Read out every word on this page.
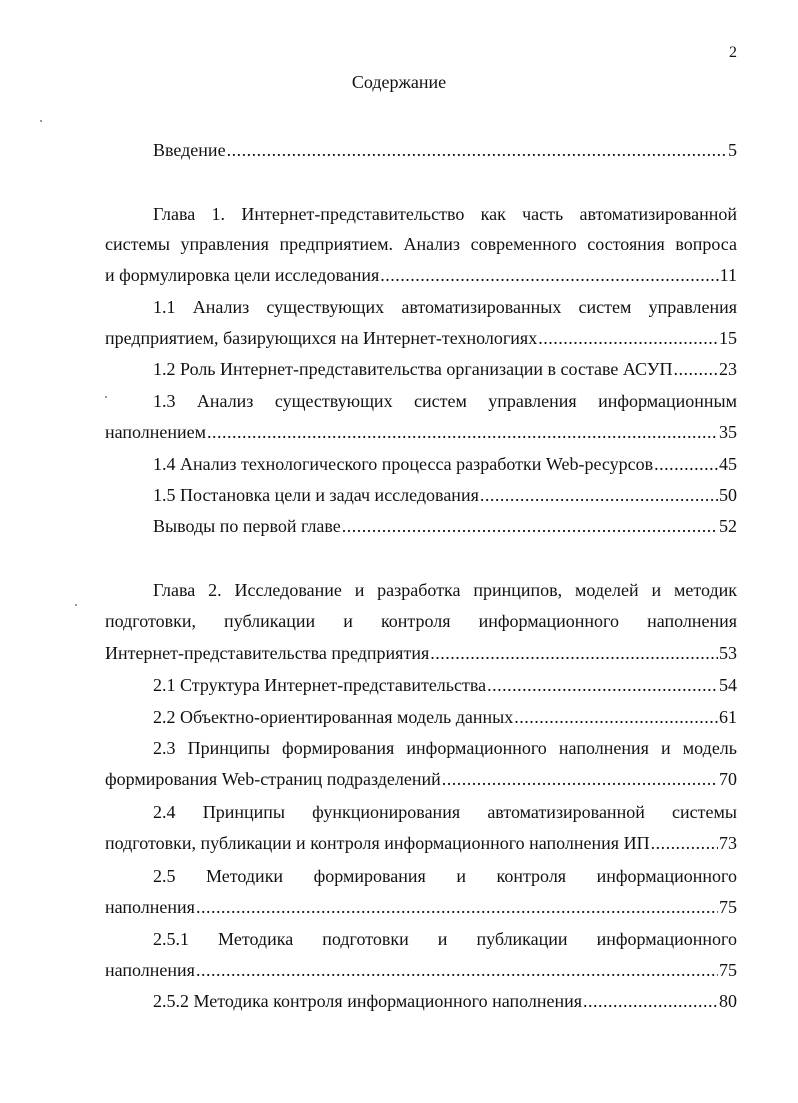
2
Содержание
Введение .....	5
Глава 1. Интернет-представительство как часть автоматизированной
системы управления предприятием. Анализ современного состояния вопроса
и формулировка цели исследования .....	11
1.1 Анализ существующих автоматизированных систем управления
предприятием, базирующихся на Интернет-технологиях .....	15
1.2 Роль Интернет-представительства организации в составе АСУП .....	23
1.3 Анализ существующих систем управления информационным
наполнением .....	35
1.4 Анализ технологического процесса разработки Web-ресурсов .....	45
1.5 Постановка цели и задач исследования .....	50
Выводы по первой главе .....	52
Глава 2. Исследование и разработка принципов, моделей и методик
подготовки, публикации и контроля информационного наполнения
Интернет-представительства предприятия .....	53
2.1 Структура Интернет-представительства .....	54
2.2 Объектно-ориентированная модель данных .....	61
2.3 Принципы формирования информационного наполнения и модель
формирования Web-страниц подразделений .....	70
2.4 Принципы функционирования автоматизированной системы
подготовки, публикации и контроля информационного наполнения ИП .....	73
2.5 Методики формирования и контроля информационного
наполнения .....	75
2.5.1 Методика подготовки и публикации информационного
наполнения .....	75
2.5.2 Методика контроля информационного наполнения .....	80
